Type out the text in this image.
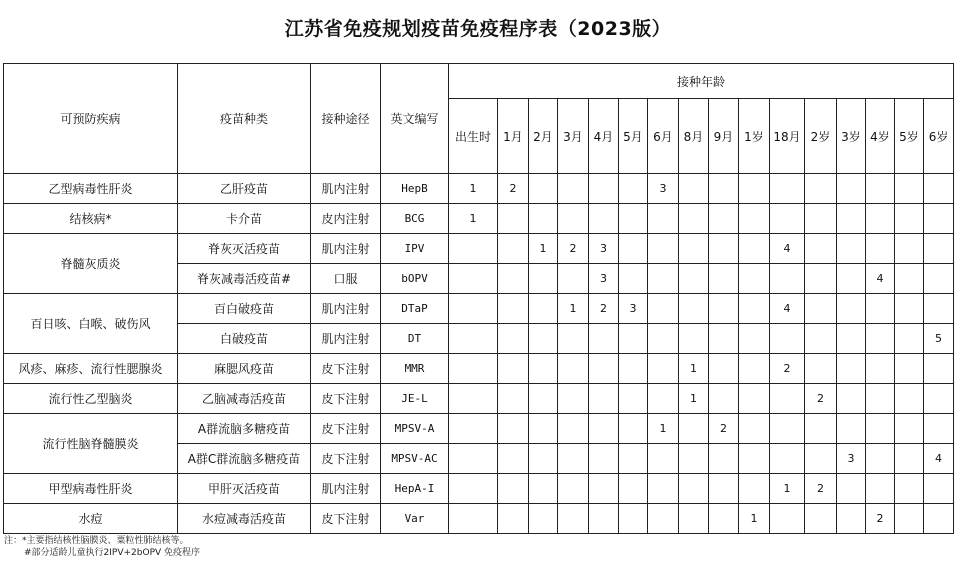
江苏省免疫规划疫苗免疫程序表（2023版）
可预防疾病	疫苗种类	接种途径	英文编写	接种年龄															
				出生时	1月	2月	3月	4月	5月	6月	8月	9月	1岁	18月	2岁	3岁	4岁	5岁	6岁
乙型病毒性肝炎	乙肝疫苗	肌内注射	HepB	1	2					3									
结核病*	卡介苗	皮内注射	BCG	1															
脊髓灰质炎	脊灰灭活疫苗	肌内注射	IPV			1	2	3						4					
	脊灰减毒活疫苗#	口服	bOPV					3									4		
百日咳、白喉、破伤风	百白破疫苗	肌内注射	DTaP				1	2	3					4					
	白破疫苗	肌内注射	DT																5
风疹、麻疹、流行性腮腺炎	麻腮风疫苗	皮下注射	MMR								1			2					
流行性乙型脑炎	乙脑减毒活疫苗	皮下注射	JE-L								1				2				
流行性脑脊髓膜炎	A群流脑多糖疫苗	皮下注射	MPSV-A							1		2							
	A群C群流脑多糖疫苗	皮下注射	MPSV-AC													3			4
甲型病毒性肝炎	甲肝灭活疫苗	肌内注射	HepA-I											1	2				
水痘	水痘减毒活疫苗	皮下注射	Var										1				2		
注：*主要指结核性脑膜炎、粟粒性肺结核等。
#部分适龄儿童执行2IPV+2bOPV 免疫程序
